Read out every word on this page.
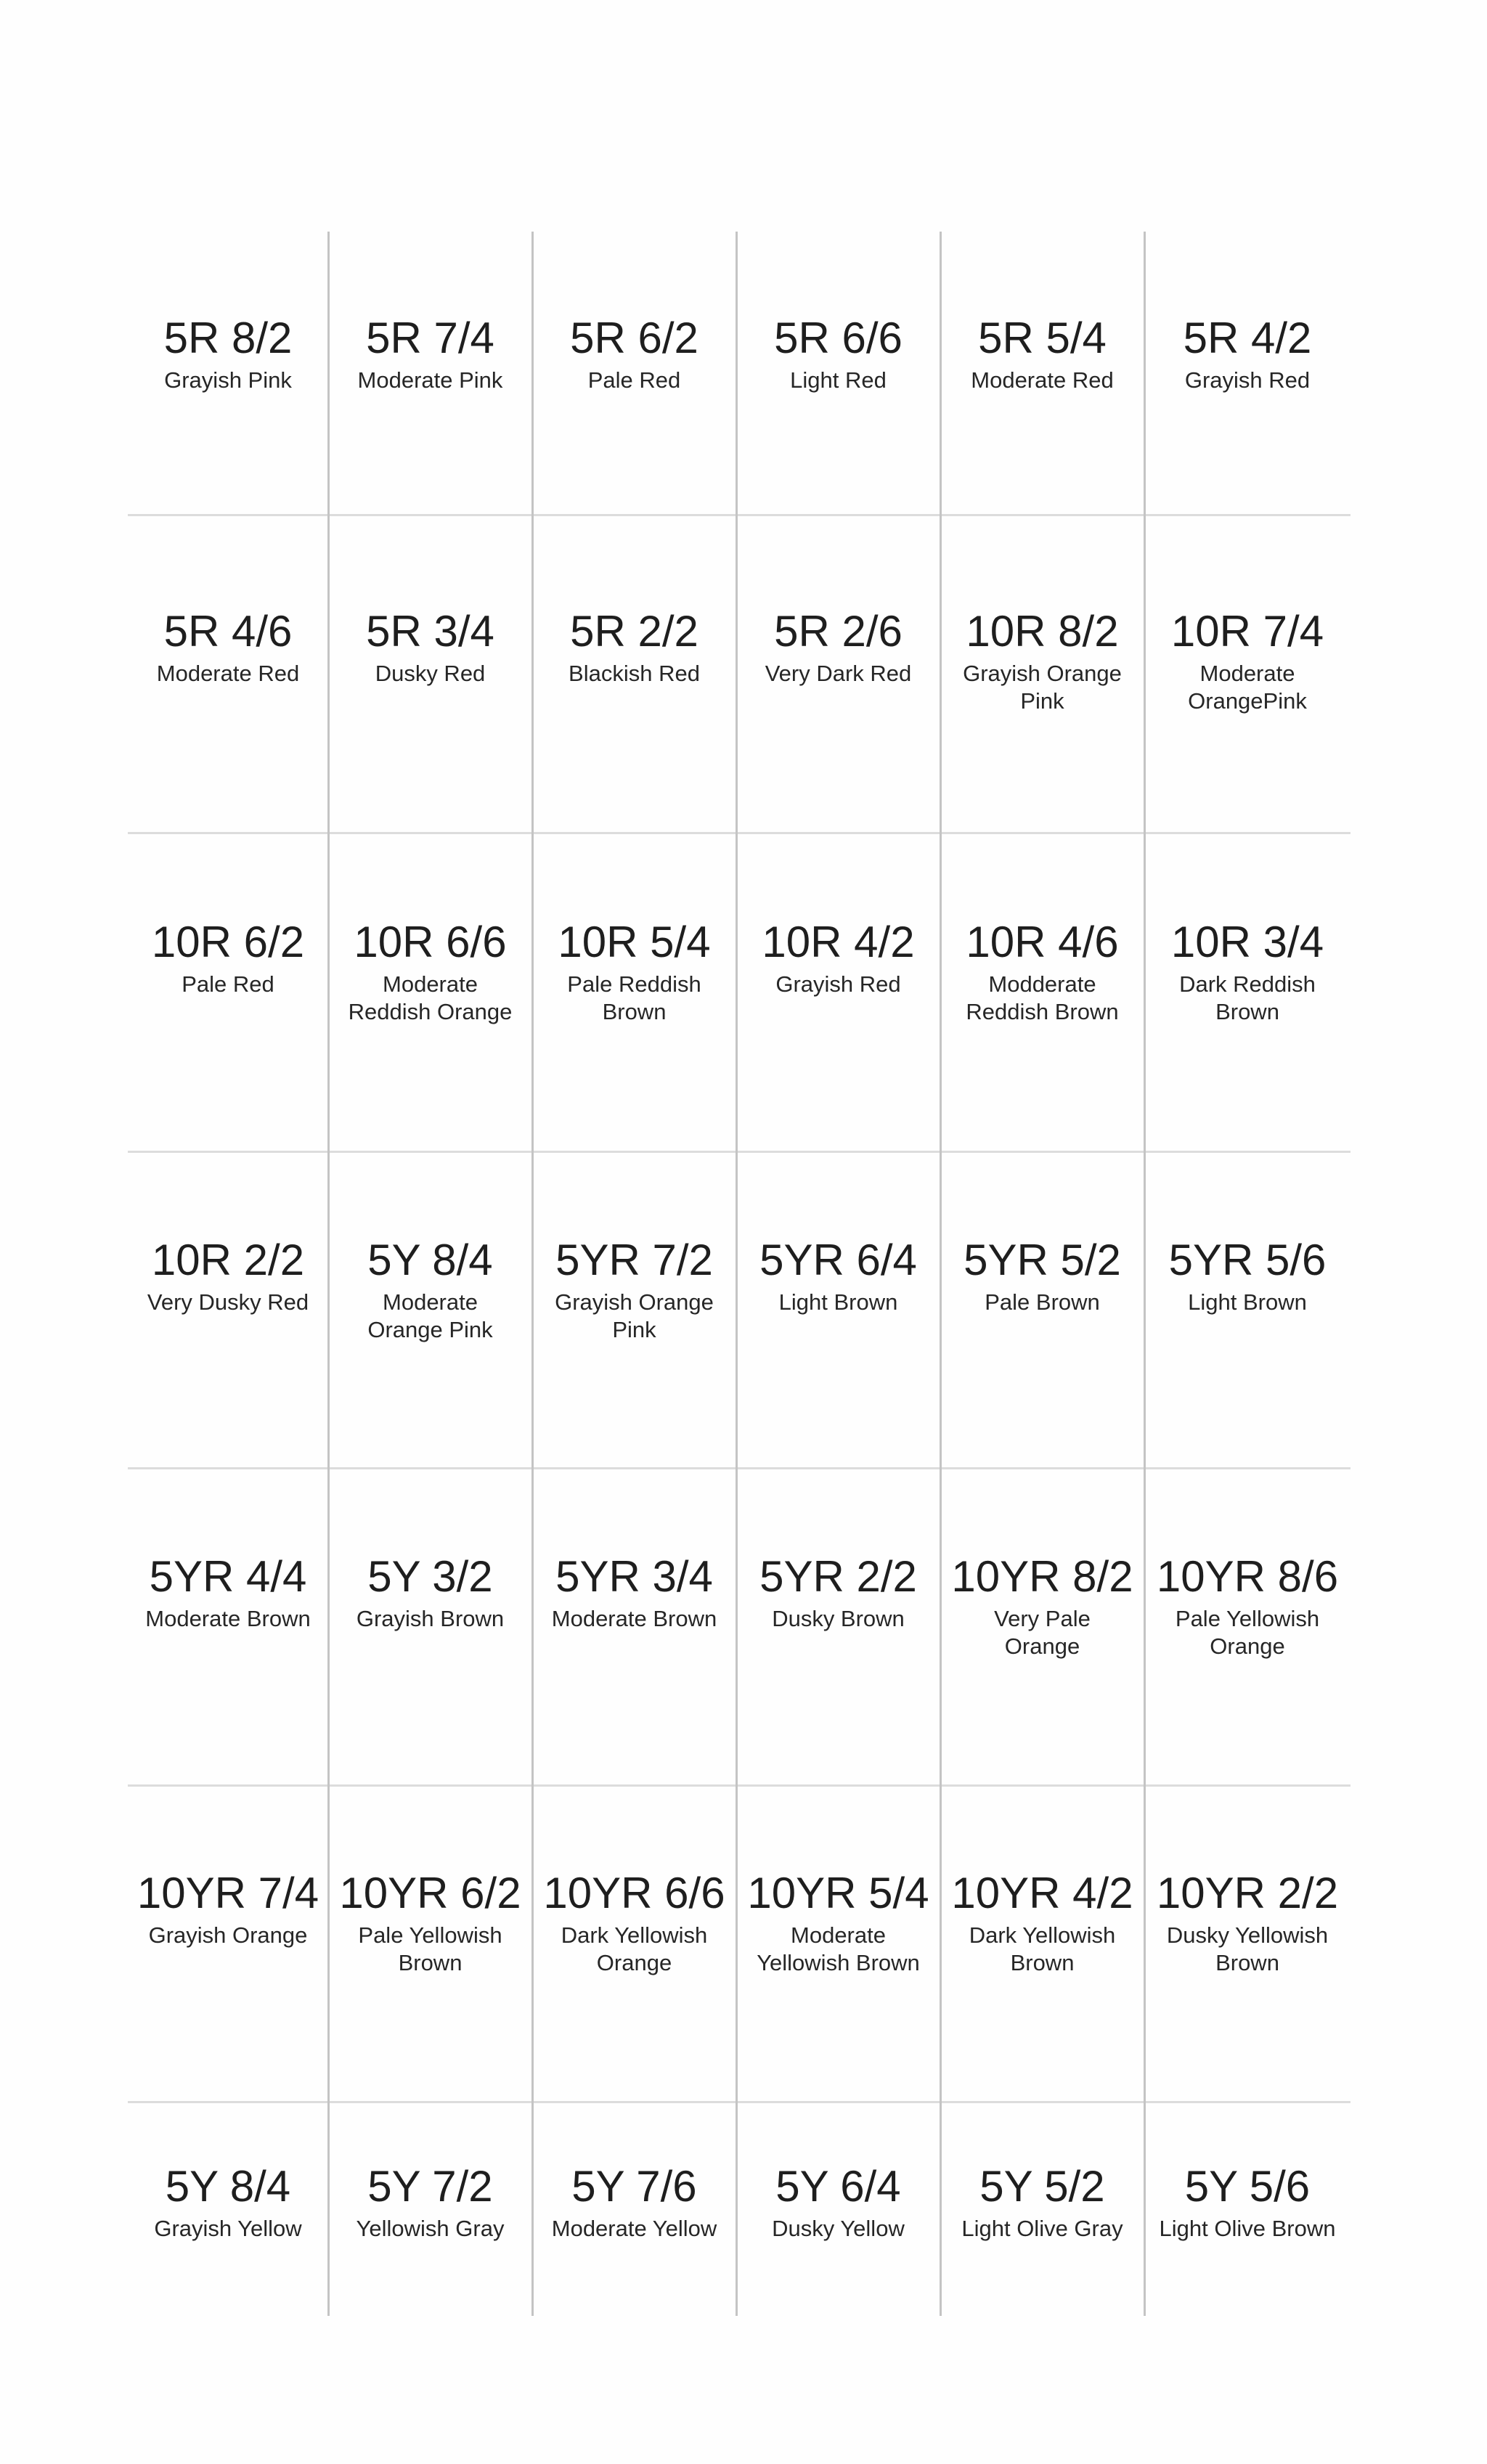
5R 8/2
Grayish Pink
5R 7/4
Moderate Pink
5R 6/2
Pale Red
5R 6/6
Light Red
5R 5/4
Moderate Red
5R 4/2
Grayish Red
5R 4/6
Moderate Red
5R 3/4
Dusky Red
5R 2/2
Blackish Red
5R 2/6
Very Dark Red
10R 8/2
Grayish Orange Pink
10R 7/4
Moderate OrangePink
10R 6/2
Pale Red
10R 6/6
Moderate Reddish Orange
10R 5/4
Pale Reddish Brown
10R 4/2
Grayish Red
10R 4/6
Modderate Reddish Brown
10R 3/4
Dark Reddish Brown
10R 2/2
Very Dusky Red
5Y 8/4
Moderate Orange Pink
5YR 7/2
Grayish Orange Pink
5YR 6/4
Light Brown
5YR 5/2
Pale Brown
5YR 5/6
Light Brown
5YR 4/4
Moderate Brown
5Y 3/2
Grayish Brown
5YR 3/4
Moderate Brown
5YR 2/2
Dusky Brown
10YR 8/2
Very Pale Orange
10YR 8/6
Pale Yellowish Orange
10YR 7/4
Grayish Orange
10YR 6/2
Pale Yellowish Brown
10YR 6/6
Dark Yellowish Orange
10YR 5/4
Moderate Yellowish Brown
10YR 4/2
Dark Yellowish Brown
10YR 2/2
Dusky Yellowish Brown
5Y 8/4
Grayish Yellow
5Y 7/2
Yellowish Gray
5Y 7/6
Moderate Yellow
5Y 6/4
Dusky Yellow
5Y 5/2
Light Olive Gray
5Y 5/6
Light Olive Brown
